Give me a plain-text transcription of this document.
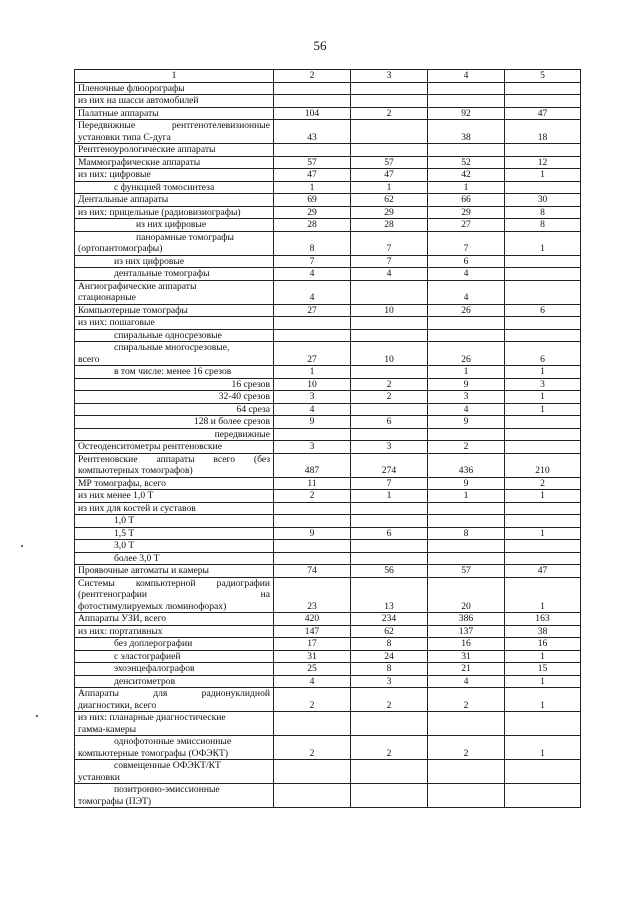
56
1	2	3	4	5

Пленочные флюорографы				

из них на шасси автомобилей				

Палатные аппараты	104	2	92	47

Передвижные рентгенотелевизионные
установки типа С-дуга	43		38	18

Рентгеноурологические аппараты				

Маммографические аппараты	57	57	52	12

из них: цифровые	47	47	42	1

с функцией томосинтеза	1	1	1	

Дентальные аппараты	69	62	66	30

из них: прицельные (радиовизиографы)	29	29	29	8

из них цифровые	28	28	27	8

панорамные томографы
(ортопантомографы)	8	7	7	1

из них цифровые	7	7	6	

дентальные томографы	4	4	4	

Ангиографические аппараты
стационарные	4		4	

Компьютерные томографы	27	10	26	6

из них: пошаговые				

спиральные односрезовые				

спиральные многосрезовые,
всего	27	10	26	6

в том числе: менее 16 срезов	1		1	1

16 срезов	10	2	9	3

32-40 срезов	3	2	3	1

64 среза	4		4	1

128 и более срезов	9	6	9	

передвижные				

Остеоденситометры рентгеновские	3	3	2	

Рентгеновские аппараты всего (без
компьютерных томографов)	487	274	436	210

МР томографы, всего	11	7	9	2

из них менее 1,0 Т	2	1	1	1

из них для костей и суставов				

1,0 Т				

1,5 Т	9	6	8	1

3,0 Т				

более 3,0 Т				

Проявочные автоматы и камеры	74	56	57	47

Системы компьютерной радиографии
(рентгенографии на
фотостимулируемых люминофорах)	23	13	20	1

Аппараты УЗИ, всего	420	234	386	163

из них: портативных	147	62	137	38

без доплерографии	17	8	16	16

с эластографией	31	24	31	1

эхоэнцефалографов	25	8	21	15

денситометров	4	3	4	1

Аппараты для радионуклидной
диагностики, всего	2	2	2	1

из них: планарные диагностические
гамма-камеры				

однофотонные эмиссионные
компьютерные томографы (ОФЭКТ)	2	2	2	1

совмещенные ОФЭКТ/КТ
установки				

позитронно-эмиссионные
томографы (ПЭТ)				
